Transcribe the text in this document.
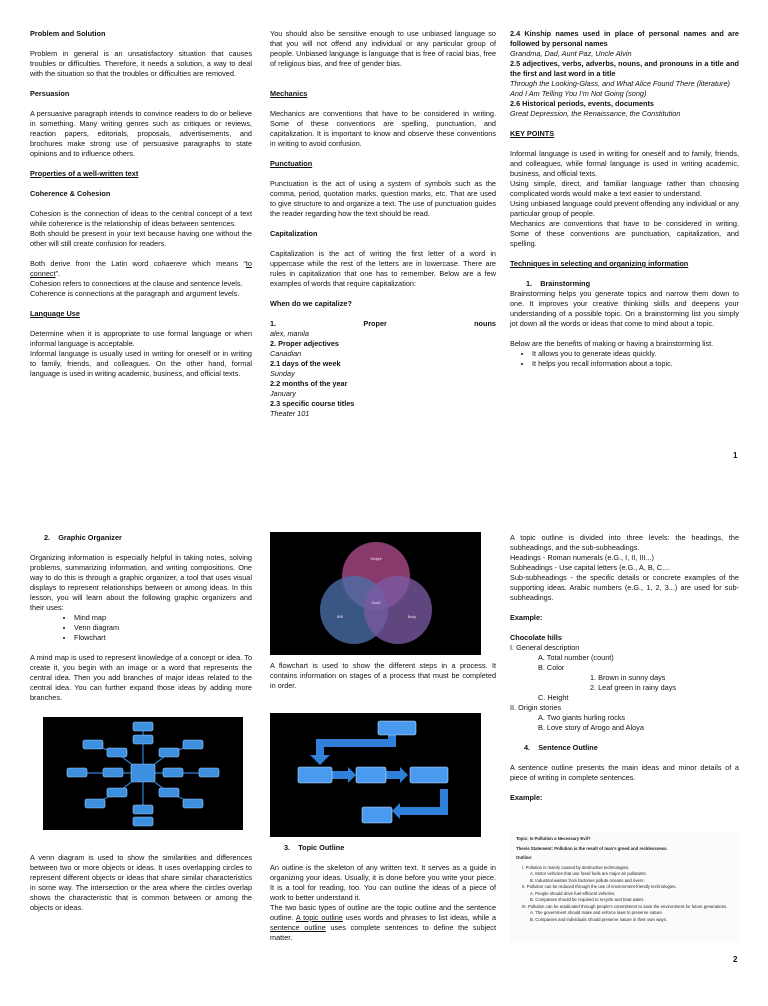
Problem and Solution

Problem in general is an unsatisfactory situation that causes troubles or difficulties. Therefore, it needs a solution, a way to deal with the situation so that the troubles or difficulties are removed.

Persuasion

A persuasive paragraph intends to convince readers to do or believe in something. Many writing genres such as critiques or reviews, reaction papers, editorials, proposals, advertisements, and brochures make strong use of persuasive paragraphs to state opinions and to influence others.

Properties of a well-written text

Coherence & Cohesion

Cohesion is the connection of ideas to the central concept of a text while coherence is the relationship of ideas between sentences.

Both should be present in your text because having one without the other will still create confusion for readers.

Both derive from the Latin word cohaerere which means “to connect”.

Cohesion refers to connections at the clause and sentence levels.

Coherence is connections at the paragraph and argument levels.

Language Use

Determine when it is appropriate to use formal language or when informal language is acceptable.

Informal language is usually used in writing for oneself or in writing to family, friends, and colleagues. On the other hand, formal language is used in writing academic, business, and official texts.

You should also be sensitive enough to use unbiased language so that you will not offend any individual or any particular group of people. Unbiased language is language that is free of racial bias, free of religious bias, and free of gender bias.

Mechanics

Mechanics are conventions that have to be considered in writing. Some of these conventions are spelling, punctuation, and capitalization. It is important to know and observe these conventions in writing to avoid confusion.

Punctuation

Punctuation is the act of using a system of symbols such as the comma, period, quotation marks, question marks, etc. That are used to give structure to and organize a text. The use of punctuation guides the reader regarding how the text should be read.

Capitalization

Capitalization is the act of writing the first letter of a word in uppercase while the rest of the letters are in lowercase. There are rules in capitalization that one has to remember. Below are a few examples of words that require capitalization:

When do we capitalize?

1.	Proper	nouns

alex, manila

2. Proper adjectives

Canadian

2.1 days of the week

Sunday

2.2 months of the year

January

2.3 specific course titles

Theater 101

2.4 Kinship names used in place of personal names and are followed by personal names

Grandma, Dad, Aunt Paz, Uncle Alvin

2.5 adjectives, verbs, adverbs, nouns, and pronouns in a title and the first and last word in a title

Through the Looking-Glass, and What Alice Found There (literature)

And I Am Telling You I’m Not Going (song)

2.6 Historical periods, events, documents

Great Depression, the Renaissance, the Constitution

KEY POINTS

Informal language is used in writing for oneself and to family, friends, and colleagues, while formal language is used in writing academic, business, and official texts.

Using simple, direct, and familiar language rather than choosing complicated words would make a text easier to understand.

Using unbiased language could prevent offending any individual or any particular group of people.

Mechanics are conventions that have to be considered in writing. Some of these conventions are punctuation, capitalization, and spelling.

Techniques in selecting and organizing information

1.    Brainstorming

Brainstorming helps you generate topics and narrow them down to one. It improves your creative thinking skills and deepens your understanding of a possible topic. On a brainstorming list you simply jot down all the words or ideas that come to mind about a topic.

Below are the benefits of making or having a brainstorming list.

• It allows you to generate ideas quickly.
• It helps you recall information about a topic.
1

2.    Graphic Organizer

Organizing information is especially helpful in taking notes, solving problems, summarizing information, and writing compositions. One way to do this is through a graphic organizer, a tool that uses visual displays to represent relationships between or among ideas. In this lesson, you will learn about the following graphic organizers and their uses:

• Mind map
• Venn diagram
• Flowchart

A mind map is used to represent knowledge of a concept or idea. To create it, you begin with an image or a word that represents the central idea. Then you add branches of major ideas related to the central idea. You can further expand those ideas by adding more branches.

A venn diagram is used to show the similarities and differences between two or more objects or ideas. It uses overlapping circles to represent different objects or ideas that share similar characteristics in some way. The intersection or the area where the circles overlap shows the characteristic that is common between or among the objects or ideas.

Weight
BMI	Body
Good

A flowchart is used to show the different steps in a process. It contains information on stages of a process that must be completed in order.

3.    Topic Outline

An outline is the skeleton of any written text. It serves as a guide in organizing your ideas. Usually, it is done before you write your piece. It is a tool for reading, too. You can outline the ideas of a piece of work to better understand it.

The two basic types of outline are the topic outline and the sentence outline. A topic outline uses words and phrases to list ideas, while a sentence outline uses complete sentences to define the subject matter.

A topic outline is divided into three levels: the headings, the subheadings, and the sub-subheadings.

Headings - Roman numerals (e.G., I, II, III...)

Subheadings - Use capital letters (e.G., A, B, C....

Sub-subheadings - the specific details or concrete examples of the supporting ideas. Arabic numbers (e.G., 1, 2, 3...) are used for sub-subheadings.

Example:

Chocolate hills

I. General description

A. Total number (count)

B. Color

1. Brown in sunny days

2. Leaf green in rainy days

C. Height

II. Origin stories

A. Two giants hurling rocks

B. Love story of Arogo and Aloya

4.    Sentence Outline

A sentence outline presents the main ideas and minor details of a piece of writing in complete sentences.

Example:

Topic: Is Pollution a Necessary Evil?
Thesis Statement: Pollution is the result of man's greed and recklessness.
Outline:
I. Pollution is mainly caused by destructive technologies.
A. Motor vehicles that use fossil fuels are major air pollutants.
B. Industrial wastes from factories pollute oceans and rivers.
II. Pollution can be reduced through the use of environment-friendly technologies.
A. People should drive fuel-efficient vehicles.
B. Companies should be required to recycle and treat water.
III. Pollution can be eradicated through people's commitment to save the environment for future generations.
A. The government should make and enforce laws to preserve nature.
B. Companies and individuals should preserve nature in their own ways.
2
